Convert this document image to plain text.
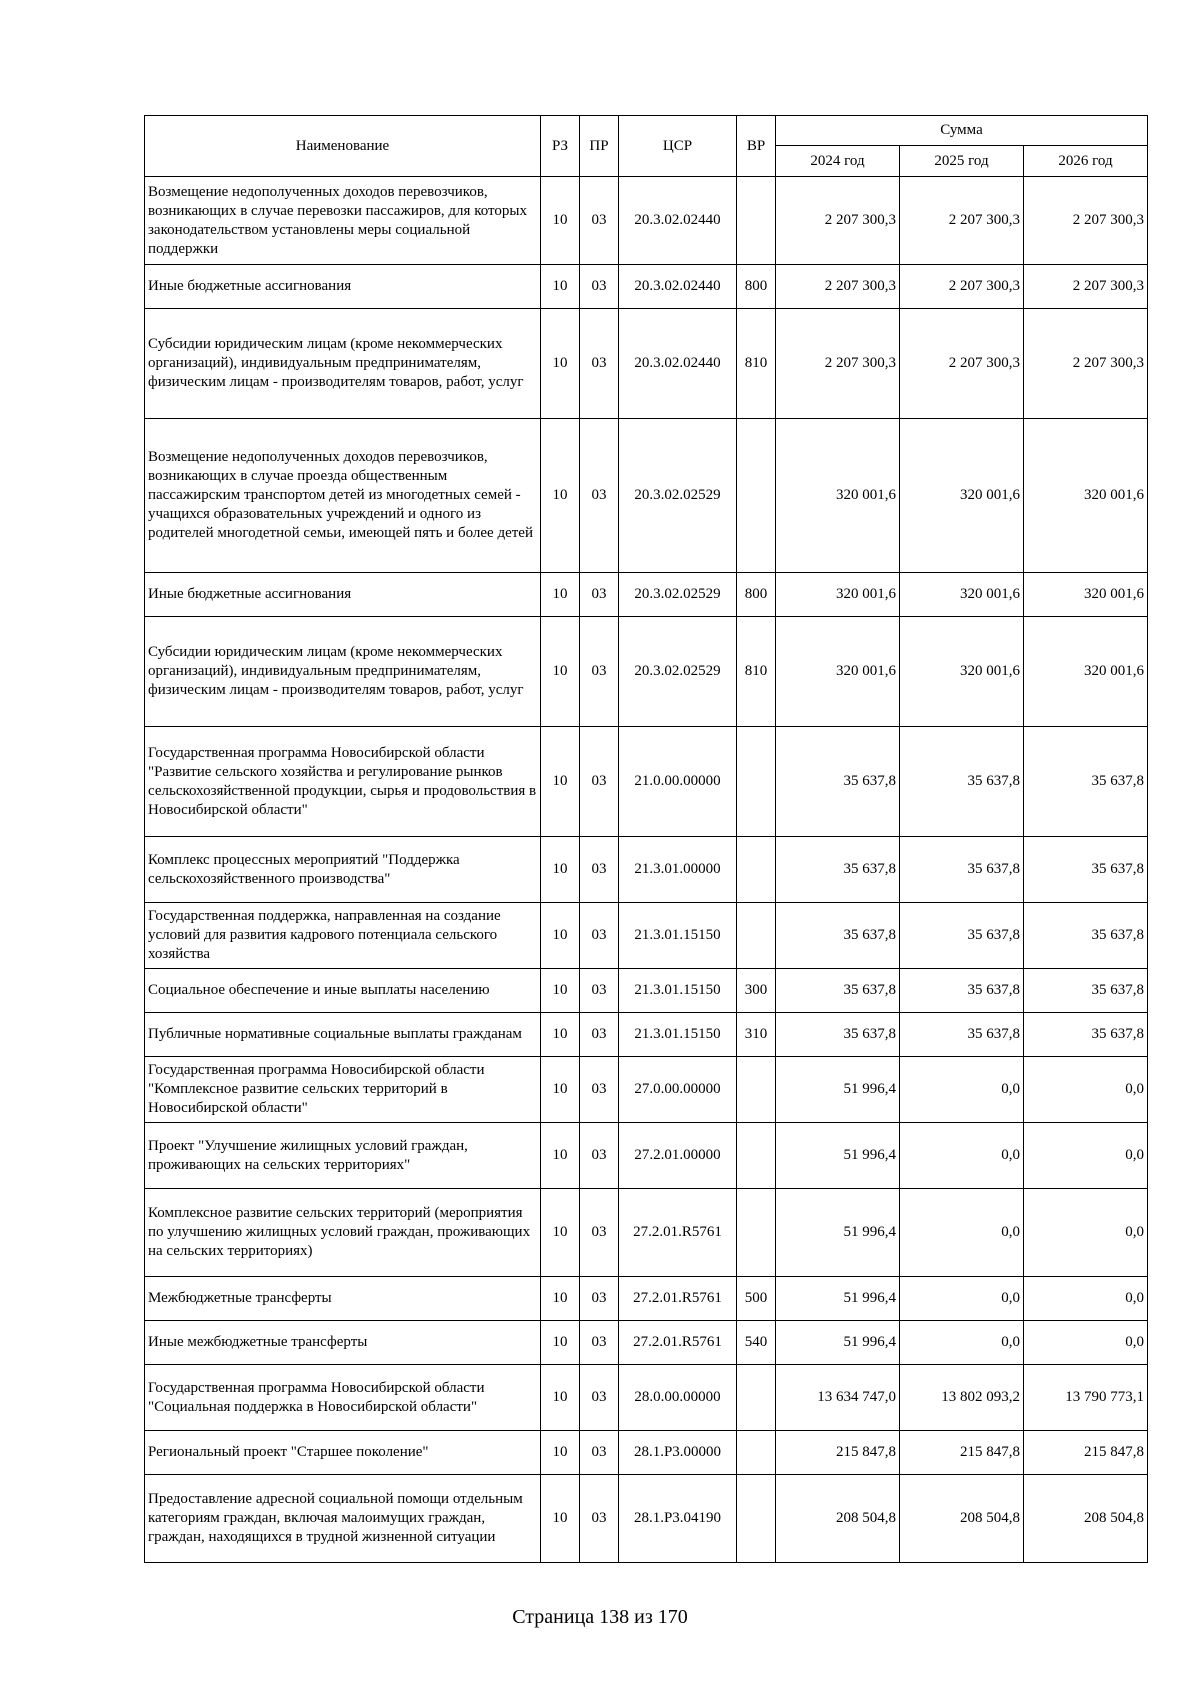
Наименование	РЗ	ПР	ЦСР	ВР	Сумма		
					2024 год	2025 год	2026 год
Возмещение недополученных доходов перевозчиков, возникающих в случае перевозки пассажиров, для которых законодательством установлены меры социальной поддержки	10	03	20.3.02.02440		2 207 300,3	2 207 300,3	2 207 300,3
Иные бюджетные ассигнования	10	03	20.3.02.02440	800	2 207 300,3	2 207 300,3	2 207 300,3
Субсидии юридическим лицам (кроме некоммерческих организаций), индивидуальным предпринимателям, физическим лицам - производителям товаров, работ, услуг	10	03	20.3.02.02440	810	2 207 300,3	2 207 300,3	2 207 300,3
Возмещение недополученных доходов перевозчиков, возникающих в случае проезда общественным пассажирским транспортом детей из многодетных семей - учащихся образовательных учреждений и одного из родителей многодетной семьи, имеющей пять и более детей	10	03	20.3.02.02529		320 001,6	320 001,6	320 001,6
Иные бюджетные ассигнования	10	03	20.3.02.02529	800	320 001,6	320 001,6	320 001,6
Субсидии юридическим лицам (кроме некоммерческих организаций), индивидуальным предпринимателям, физическим лицам - производителям товаров, работ, услуг	10	03	20.3.02.02529	810	320 001,6	320 001,6	320 001,6
Государственная программа Новосибирской области "Развитие сельского хозяйства и регулирование рынков сельскохозяйственной продукции, сырья и продовольствия в Новосибирской области"	10	03	21.0.00.00000		35 637,8	35 637,8	35 637,8
Комплекс процессных мероприятий "Поддержка сельскохозяйственного производства"	10	03	21.3.01.00000		35 637,8	35 637,8	35 637,8
Государственная поддержка, направленная на создание условий для развития кадрового потенциала сельского хозяйства	10	03	21.3.01.15150		35 637,8	35 637,8	35 637,8
Социальное обеспечение и иные выплаты населению	10	03	21.3.01.15150	300	35 637,8	35 637,8	35 637,8
Публичные нормативные социальные выплаты гражданам	10	03	21.3.01.15150	310	35 637,8	35 637,8	35 637,8
Государственная программа Новосибирской области "Комплексное развитие сельских территорий в Новосибирской области"	10	03	27.0.00.00000		51 996,4	0,0	0,0
Проект "Улучшение жилищных условий граждан, проживающих на сельских территориях"	10	03	27.2.01.00000		51 996,4	0,0	0,0
Комплексное развитие сельских территорий (мероприятия по улучшению жилищных условий граждан, проживающих на сельских территориях)	10	03	27.2.01.R5761		51 996,4	0,0	0,0
Межбюджетные трансферты	10	03	27.2.01.R5761	500	51 996,4	0,0	0,0
Иные межбюджетные трансферты	10	03	27.2.01.R5761	540	51 996,4	0,0	0,0
Государственная программа Новосибирской области "Социальная поддержка в Новосибирской области"	10	03	28.0.00.00000		13 634 747,0	13 802 093,2	13 790 773,1
Региональный проект "Старшее поколение"	10	03	28.1.Р3.00000		215 847,8	215 847,8	215 847,8
Предоставление адресной социальной помощи отдельным категориям граждан, включая малоимущих граждан, граждан, находящихся в трудной жизненной ситуации	10	03	28.1.Р3.04190		208 504,8	208 504,8	208 504,8
Страница 138 из 170
